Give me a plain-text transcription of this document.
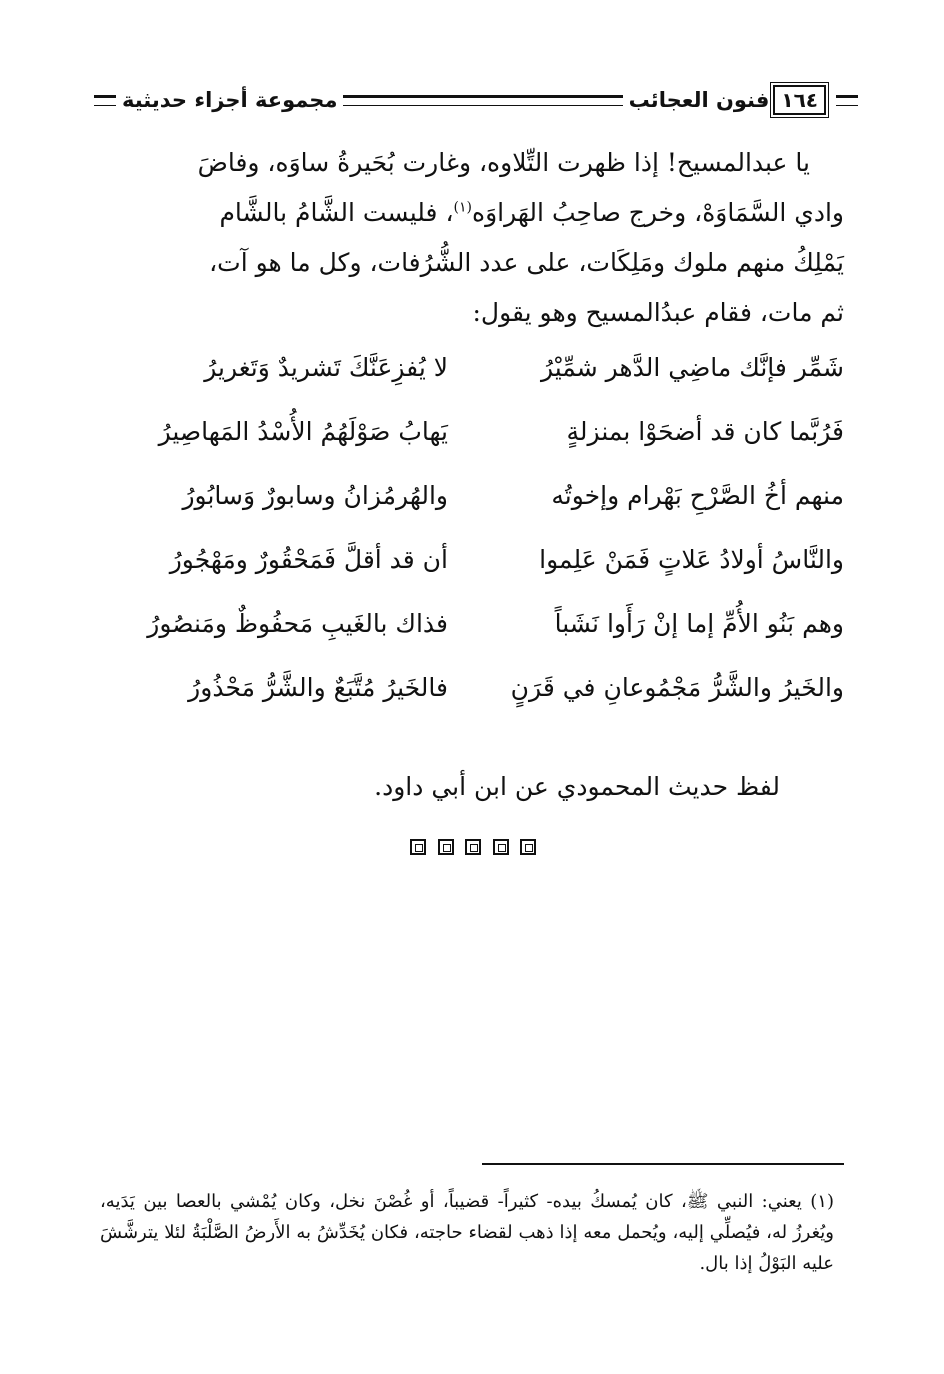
مجموعة أجزاء حديثية	فنون العجائب ١٦٤
يا عبدالمسيح! إذا ظهرت التِّلاوه، وغارت بُحَيرةُ ساوَه، وفاضَ
وادي السَّمَاوَهْ، وخرج صاحِبُ الهَراوَه$^{(١)}$، فليست الشَّامُ بالشَّام
يَمْلِكُ منهم ملوك ومَلِكَات، على عدد الشُّرُفات، وكل ما هو آت،
ثم مات، فقام عبدُالمسيح وهو يقول:
شَمِّر فإنَّك ماضِي الدَّهر شمِّيْرُ
لا يُفزِعَنَّكَ تَشريدٌ وَتَغريرُ
فَرُبَّما كان قد أضحَوْا بمنزلةٍ
يَهابُ صَوْلَهُمُ الأُسْدُ المَهاصِيرُ
منهم أخُ الصَّرْحِ بَهْرام وإخوتُه
والهُرمُزانُ وسابورٌ وَسابُورُ
والنَّاسُ أولادُ عَلاتٍ فَمَنْ عَلِموا
أن قد أقلَّ فَمَحْقُورٌ ومَهْجُورُ
وهم بَنُو الأُمِّ إما إنْ رَأَوا نَشَباً
فذاك بالغَيبِ مَحفُوظٌ ومَنصُورُ
والخَيرُ والشَّرُّ مَجْمُوعانِ في قَرَنٍ
فالخَيرُ مُتَّبَعٌ والشَّرُّ مَحْذُورُ
لفظ حديث المحمودي عن ابن أبي داود.
(١) يعني: النبي ﷺ، كان يُمسكُ بيده- كثيراً- قضيباً، أو غُصْنَ نخل، وكان يُمْشي بالعصا بين يَدَيه، ويُغرزُ له، فيُصلِّي إليه، ويُحمل معه إذا ذهب لقضاء حاجته، فكان يُخَدِّشُ به الأَرضُ الصَّلْبَةُ لئلا يترشَّشَ عليه البَوْلُ إذا بال.
